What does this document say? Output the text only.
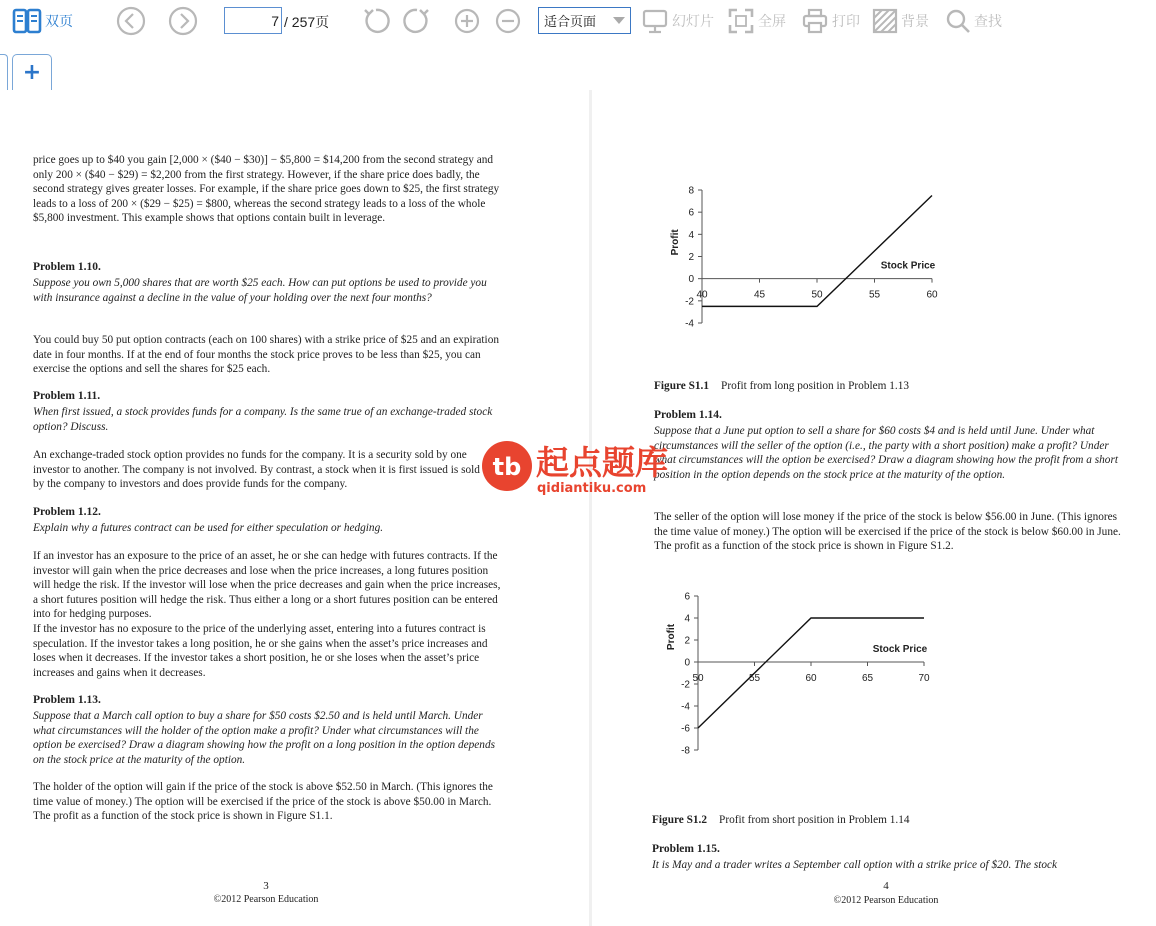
双页
7	/ 257页	适合页面	幻灯片	全屏	打印	背景	查找
+

price goes up to $40 you gain [2,000 × ($40 − $30)] − $5,800 = $14,200 from the second strategy and only 200 × ($40 − $29) = $2,200 from the first strategy. However, if the share price does badly, the second strategy gives greater losses. For example, if the share price goes down to $25, the first strategy leads to a loss of 200 × ($29 − $25) = $800, whereas the second strategy leads to a loss of the whole $5,800 investment. This example shows that options contain built in leverage.

Problem 1.10.

Suppose you own 5,000 shares that are worth $25 each. How can put options be used to provide you with insurance against a decline in the value of your holding over the next four months?

You could buy 50 put option contracts (each on 100 shares) with a strike price of $25 and an expiration date in four months. If at the end of four months the stock price proves to be less than $25, you can exercise the options and sell the shares for $25 each.

Problem 1.11.

When first issued, a stock provides funds for a company. Is the same true of an exchange-traded stock option? Discuss.

An exchange-traded stock option provides no funds for the company. It is a security sold by one investor to another. The company is not involved. By contrast, a stock when it is first issued is sold by the company to investors and does provide funds for the company.

Problem 1.12.

Explain why a futures contract can be used for either speculation or hedging.

If an investor has an exposure to the price of an asset, he or she can hedge with futures contracts. If the investor will gain when the price decreases and lose when the price increases, a long futures position will hedge the risk. If the investor will lose when the price decreases and gain when the price increases, a short futures position will hedge the risk. Thus either a long or a short futures position can be entered into for hedging purposes.

If the investor has no exposure to the price of the underlying asset, entering into a futures contract is speculation. If the investor takes a long position, he or she gains when the asset’s price increases and loses when it decreases. If the investor takes a short position, he or she loses when the asset’s price increases and gains when it decreases.

Problem 1.13.

Suppose that a March call option to buy a share for $50 costs $2.50 and is held until March. Under what circumstances will the holder of the option make a profit? Under what circumstances will the option be exercised? Draw a diagram showing how the profit on a long position in the option depends on the stock price at the maturity of the option.

The holder of the option will gain if the price of the stock is above $52.50 in March. (This ignores the time value of money.) The option will be exercised if the price of the stock is above $50.00 in March. The profit as a function of the stock price is shown in Figure S1.1.

3

©2012 Pearson Education

-4
-2
0
2
4
6
8
40	45	50	55	60
Profit
Stock Price

Figure S1.1 Profit from long position in Problem 1.13

Problem 1.14.

Suppose that a June put option to sell a share for $60 costs $4 and is held until June. Under what circumstances will the seller of the option (i.e., the party with a short position) make a profit? Under what circumstances will the option be exercised? Draw a diagram showing how the profit from a short position in the option depends on the stock price at the maturity of the option.

The seller of the option will lose money if the price of the stock is below $56.00 in June. (This ignores the time value of money.) The option will be exercised if the price of the stock is below $60.00 in June. The profit as a function of the stock price is shown in Figure S1.2.

-8
-6
-4
-2
0
2
4
6
50	55	60	65	70
Profit	Stock Price

Figure S1.2 Profit from short position in Problem 1.14

Problem 1.15.

It is May and a trader writes a September call option with a strike price of $20. The stock

4

©2012 Pearson Education

tb 起点题库
qidiantiku.com
